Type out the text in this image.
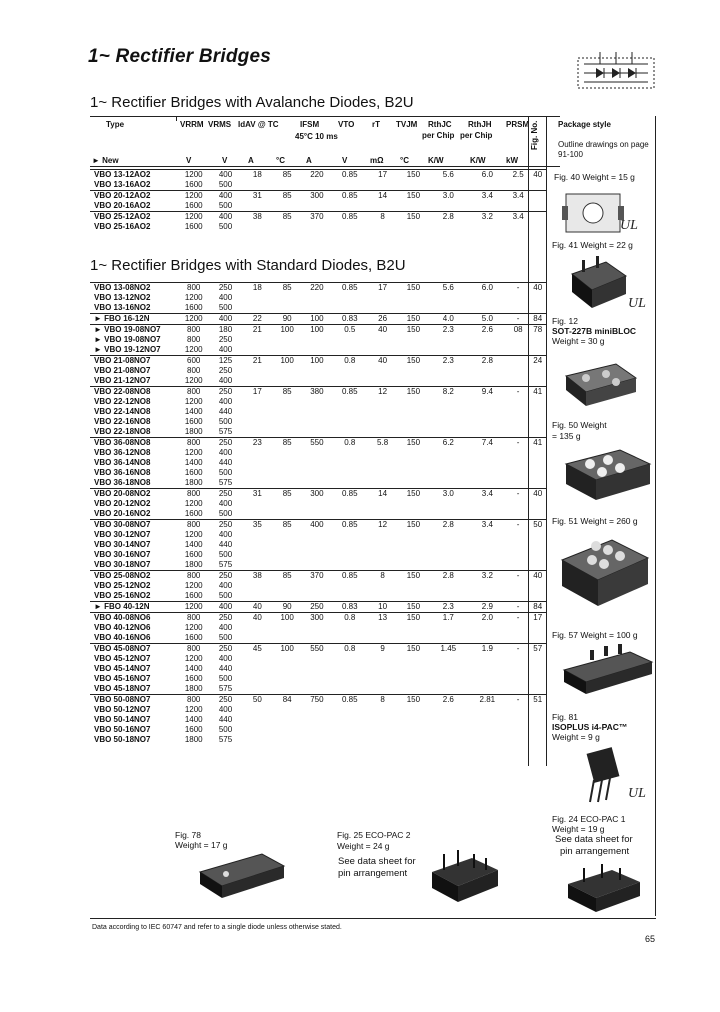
1~ Rectifier Bridges
1~ Rectifier Bridges with Avalanche Diodes, B2U
1~ Rectifier Bridges with Standard Diodes, B2U
Type
► New
VRRM VRMS IdAV @ TC	IFSM
45°C 10 ms
VTO rT TVJM RthJC
per Chip
RthJH
per Chip
PRSM
V	V	A	°C	A	V	mΩ °C K/W	K/W	kW
Fig. No. Package style
Outline drawings on page 91-100
VBO 13-12AO2	1200	400	18	85	220	0.85	17	150	5.6	6.0	2.5	40
VBO 13-16AO2	1600	500										
VBO 20-12AO2	1200	400	31	85	300	0.85	14	150	3.0	3.4	3.4	
VBO 20-16AO2	1600	500										
VBO 25-12AO2	1200	400	38	85	370	0.85	8	150	2.8	3.2	3.4	
VBO 25-16AO2	1600	500										
VBO 13-08NO2	800	250	18	85	220	0.85	17	150	5.6	6.0	-	40
VBO 13-12NO2	1200	400										
VBO 13-16NO2	1600	500										
► FBO 16-12N	1200	400	22	90	100	0.83	26	150	4.0	5.0	-	84
► VBO 19-08NO7	800	180	21	100	100	0.5	40	150	2.3	2.6	08	78
► VBO 19-08NO7	800	250										
► VBO 19-12NO7	1200	400										
VBO 21-08NO7	600	125	21	100	100	0.8	40	150	2.3	2.8		24
VBO 21-08NO7	800	250										
VBO 21-12NO7	1200	400										
VBO 22-08NO8	800	250	17	85	380	0.85	12	150	8.2	9.4	-	41
VBO 22-12NO8	1200	400										
VBO 22-14NO8	1400	440										
VBO 22-16NO8	1600	500										
VBO 22-18NO8	1800	575										
VBO 36-08NO8	800	250	23	85	550	0.8	5.8	150	6.2	7.4	-	41
VBO 36-12NO8	1200	400										
VBO 36-14NO8	1400	440										
VBO 36-16NO8	1600	500										
VBO 36-18NO8	1800	575										
VBO 20-08NO2	800	250	31	85	300	0.85	14	150	3.0	3.4	-	40
VBO 20-12NO2	1200	400										
VBO 20-16NO2	1600	500										
VBO 30-08NO7	800	250	35	85	400	0.85	12	150	2.8	3.4	-	50
VBO 30-12NO7	1200	400										
VBO 30-14NO7	1400	440										
VBO 30-16NO7	1600	500										
VBO 30-18NO7	1800	575										
VBO 25-08NO2	800	250	38	85	370	0.85	8	150	2.8	3.2	-	40
VBO 25-12NO2	1200	400										
VBO 25-16NO2	1600	500										
► FBO 40-12N	1200	400	40	90	250	0.83	10	150	2.3	2.9	-	84
VBO 40-08NO6	800	250	40	100	300	0.8	13	150	1.7	2.0	-	17
VBO 40-12NO6	1200	400										
VBO 40-16NO6	1600	500										
VBO 45-08NO7	800	250	45	100	550	0.8	9	150	1.45	1.9	-	57
VBO 45-12NO7	1200	400										
VBO 45-14NO7	1400	440										
VBO 45-16NO7	1600	500										
VBO 45-18NO7	1800	575										
VBO 50-08NO7	800	250	50	84	750	0.85	8	150	2.6	2.81	-	51
VBO 50-12NO7	1200	400										
VBO 50-14NO7	1400	440										
VBO 50-16NO7	1600	500										
VBO 50-18NO7	1800	575										
Fig. 40 Weight = 15 g
UL
Fig. 41 Weight = 22 g
UL
Fig. 12
SOT-227B miniBLOC
Weight = 30 g
Fig. 50 Weight
= 135 g
Fig. 51 Weight = 260 g
Fig. 57 Weight = 100 g
Fig. 81
ISOPLUS i4-PAC™
Weight = 9 g
UL
Fig. 24 ECO-PAC 1
Weight = 19 g
See data sheet for
pin arrangement
Fig. 78
Weight = 17 g
Fig. 25 ECO-PAC 2
Weight = 24 g
See data sheet for
pin arrangement
Data according to IEC 60747 and refer to a single diode unless otherwise stated.
65
